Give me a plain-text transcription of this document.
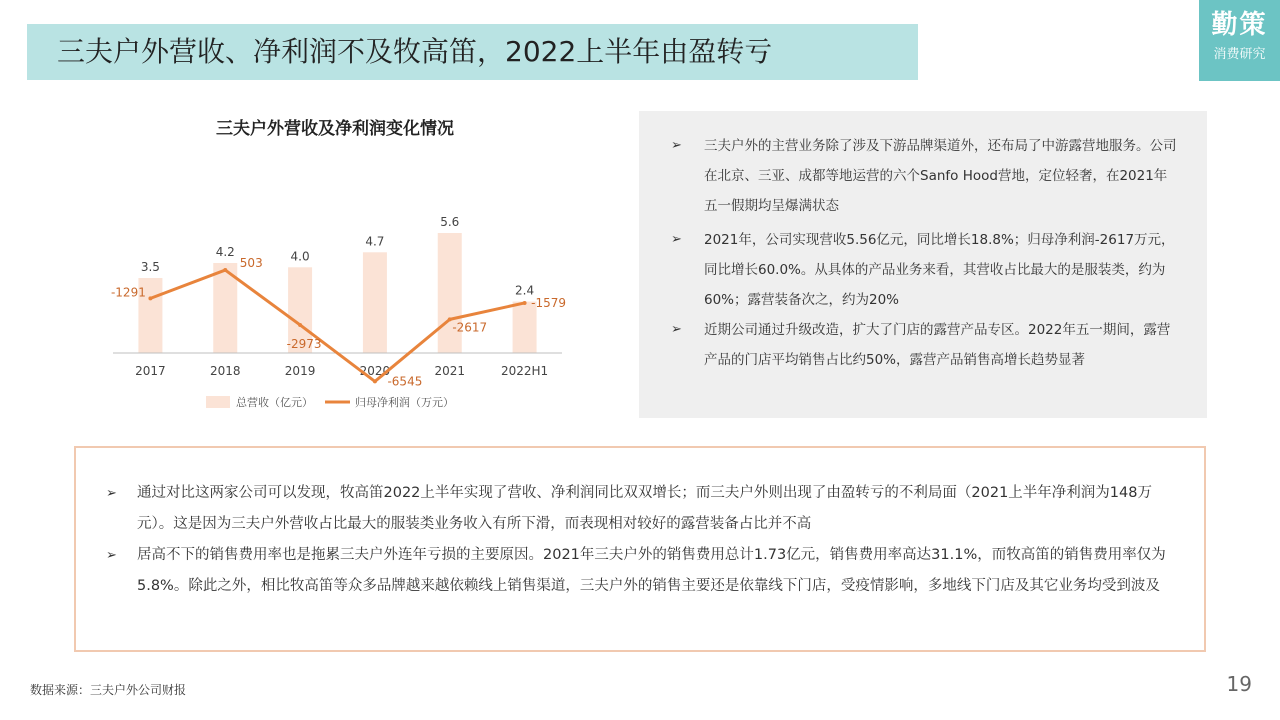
三夫户外营收、净利润不及牧高笛，2022上半年由盈转亏
勤策
消费研究
三夫户外营收及净利润变化情况
3.5
4.2	4.0
4.7
5.6
2.4
2017	2018	2019	2020	2021	2022H1
-1291
503
-2973
-6545
-2617
-1579
总营收（亿元）	归母净利润（万元）
➢ 三夫户外的主营业务除了涉及下游品牌渠道外，还布局了中游露营地服务。公司在北京、三亚、成都等地运营的六个Sanfo Hood营地，定位轻奢，在2021年五一假期均呈爆满状态
➢ 2021年，公司实现营收5.56亿元，同比增长18.8%；归母净利润-2617万元，同比增长60.0%。从具体的产品业务来看，其营收占比最大的是服装类，约为60%；露营装备次之，约为20%
➢ 近期公司通过升级改造，扩大了门店的露营产品专区。2022年五一期间，露营产品的门店平均销售占比约50%，露营产品销售高增长趋势显著
➢ 通过对比这两家公司可以发现，牧高笛2022上半年实现了营收、净利润同比双双增长；而三夫户外则出现了由盈转亏的不利局面（2021上半年净利润为148万元）。这是因为三夫户外营收占比最大的服装类业务收入有所下滑，而表现相对较好的露营装备占比并不高
➢ 居高不下的销售费用率也是拖累三夫户外连年亏损的主要原因。2021年三夫户外的销售费用总计1.73亿元，销售费用率高达31.1%，而牧高笛的销售费用率仅为5.8%。除此之外，相比牧高笛等众多品牌越来越依赖线上销售渠道，三夫户外的销售主要还是依靠线下门店，受疫情影响，多地线下门店及其它业务均受到波及
数据来源：三夫户外公司财报	19
